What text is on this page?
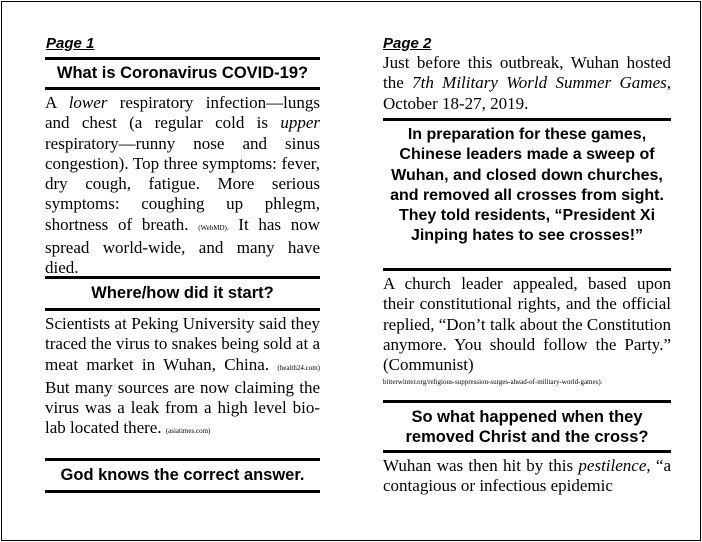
Page 1
What is Coronavirus COVID-19?
A lower respiratory infection—lungs and chest (a regular cold is upper respiratory—runny nose and sinus congestion). Top three symptoms: fever, dry cough, fatigue. More serious symptoms: coughing up phlegm, shortness of breath. (WebMD). It has now spread world-wide, and many have died.
Where/how did it start?
Scientists at Peking University said they traced the virus to snakes being sold at a meat market in Wuhan, China. (health24.com) But many sources are now claiming the virus was a leak from a high level bio-lab located there. (asiatimes.com)
God knows the correct answer.
Page 2
Just before this outbreak, Wuhan hosted the 7th Military World Summer Games, October 18-27, 2019.
In preparation for these games, Chinese leaders made a sweep of Wuhan, and closed down churches, and removed all crosses from sight. They told residents, “President Xi Jinping hates to see crosses!”
A church leader appealed, based upon their constitutional rights, and the official replied, “Don’t talk about the Constitution anymore. You should follow the Party.” (Communist)
bitterwinter.org/religious-suppression-surges-ahead-of-military-world-games).
So what happened when they removed Christ and the cross?
Wuhan was then hit by this pestilence, “a contagious or infectious epidemic
